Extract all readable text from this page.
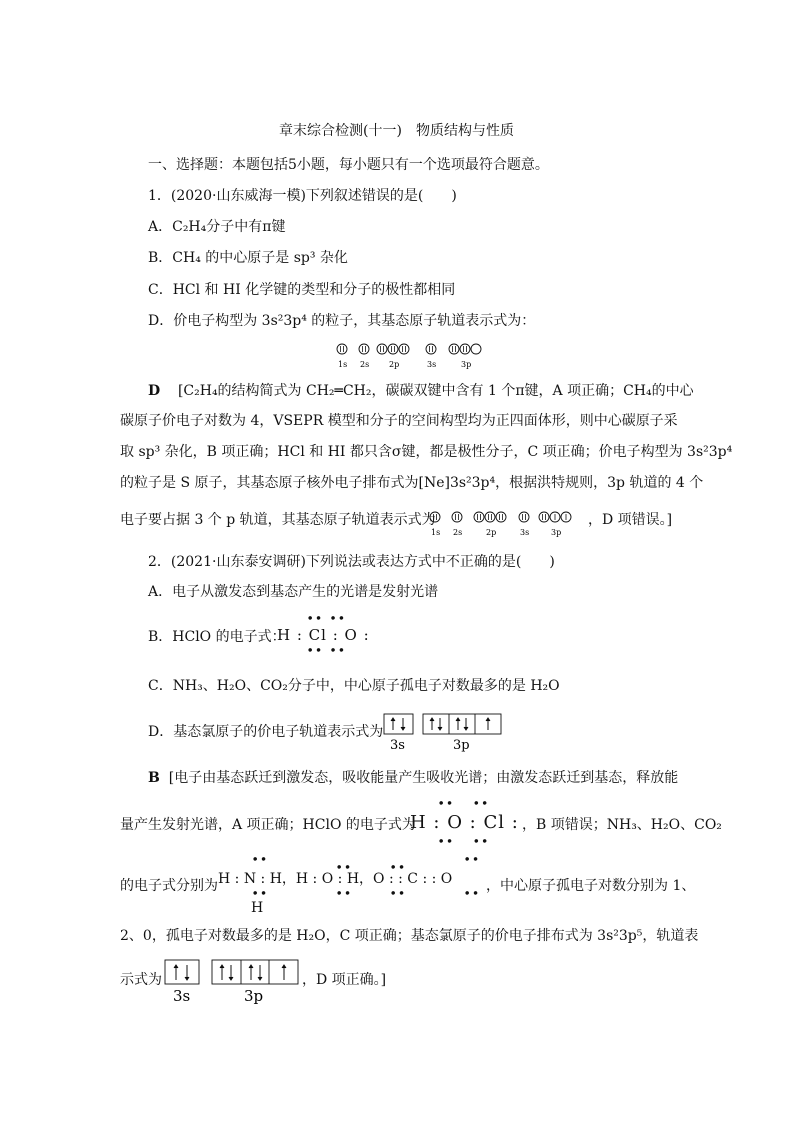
章末综合检测(十一)　物质结构与性质
一、选择题：本题包括5小题，每小题只有一个选项最符合题意。
1．(2020·山东威海一模)下列叙述错误的是(　　)
A．C₂H₄分子中有π键
B．CH₄ 的中心原子是 sp³ 杂化
C．HCl 和 HI 化学键的类型和分子的极性都相同
D．价电子构型为 3s²3p⁴ 的粒子，其基态原子轨道表示式为：
1s 2s 2p	3s	3p
D [C₂H₄的结构简式为 CH₂═CH₂，碳碳双键中含有 1 个π键，A 项正确；CH₄的中心
碳原子价电子对数为 4，VSEPR 模型和分子的空间构型均为正四面体形，则中心碳原子采
取 sp³ 杂化，B 项正确；HCl 和 HI 都只含σ键，都是极性分子，C 项正确；价电子构型为 3s²3p⁴
的粒子是 S 原子，其基态原子核外电子排布式为[Ne]3s²3p⁴，根据洪特规则，3p 轨道的 4 个
电子要占据 3 个 p 轨道，其基态原子轨道表示式为
1s 2s	2p	3s	3p
，D 项错误。]
2．(2021·山东泰安调研)下列说法或表达方式中不正确的是(　　)
A．电子从激发态到基态产生的光谱是发射光谱
B．HClO 的电子式：
∙∙ ∙∙
H : Cl : O :
∙∙ ∙∙
C．NH₃、H₂O、CO₂分子中，中心原子孤电子对数最多的是 H₂O
D．基态氯原子的价电子轨道表示式为
3s	3p
B [电子由基态跃迁到激发态，吸收能量产生吸收光谱；由激发态跃迁到基态，释放能
量产生发射光谱，A 项正确；HClO 的电子式为
∙∙   ∙∙
H : O : Cl :
∙∙   ∙∙
，B 项错误；NH₃、H₂O、CO₂
的电子式分别为
∙∙
∙∙	∙∙
∙∙
H : N : H，H : O : H，O : : C : : O
∙∙	∙∙	∙∙	∙∙
H
，中心原子孤电子对数分别为 1、
2、0，孤电子对数最多的是 H₂O，C 项正确；基态氯原子的价电子排布式为 3s²3p⁵，轨道表
示式为
3s	3p
，D 项正确。]
